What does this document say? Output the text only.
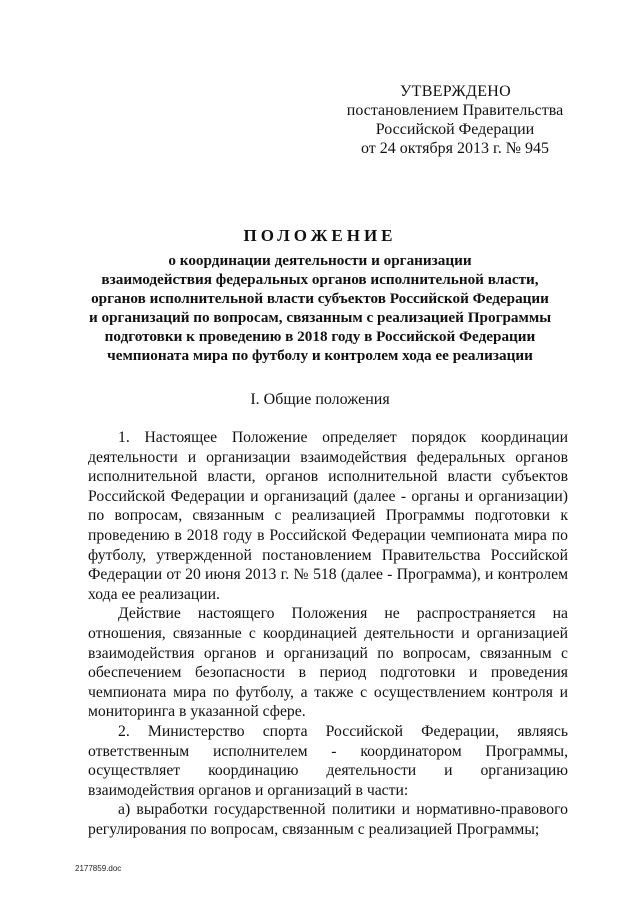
УТВЕРЖДЕНО
постановлением Правительства
Российской Федерации
от 24 октября 2013 г. № 945
ПОЛОЖЕНИЕ
о координации деятельности и организации
взаимодействия федеральных органов исполнительной власти,
органов исполнительной власти субъектов Российской Федерации
и организаций по вопросам, связанным с реализацией Программы
подготовки к проведению в 2018 году в Российской Федерации
чемпионата мира по футболу и контролем хода ее реализации
I. Общие положения

1. Настоящее Положение определяет порядок координации деятельности и организации взаимодействия федеральных органов исполнительной власти, органов исполнительной власти субъектов Российской Федерации и организаций (далее - органы и организации) по вопросам, связанным с реализацией Программы подготовки к проведению в 2018 году в Российской Федерации чемпионата мира по футболу, утвержденной постановлением Правительства Российской Федерации от 20 июня 2013 г. № 518 (далее - Программа), и контролем хода ее реализации.

Действие настоящего Положения не распространяется на отношения, связанные с координацией деятельности и организацией взаимодействия органов и организаций по вопросам, связанным с обеспечением безопасности в период подготовки и проведения чемпионата мира по футболу, а также с осуществлением контроля и мониторинга в указанной сфере.

2. Министерство спорта Российской Федерации, являясь ответственным исполнителем - координатором Программы, осуществляет координацию деятельности и организацию взаимодействия органов и организаций в части:

а) выработки государственной политики и нормативно-правового регулирования по вопросам, связанным с реализацией Программы;

2177859.doc
